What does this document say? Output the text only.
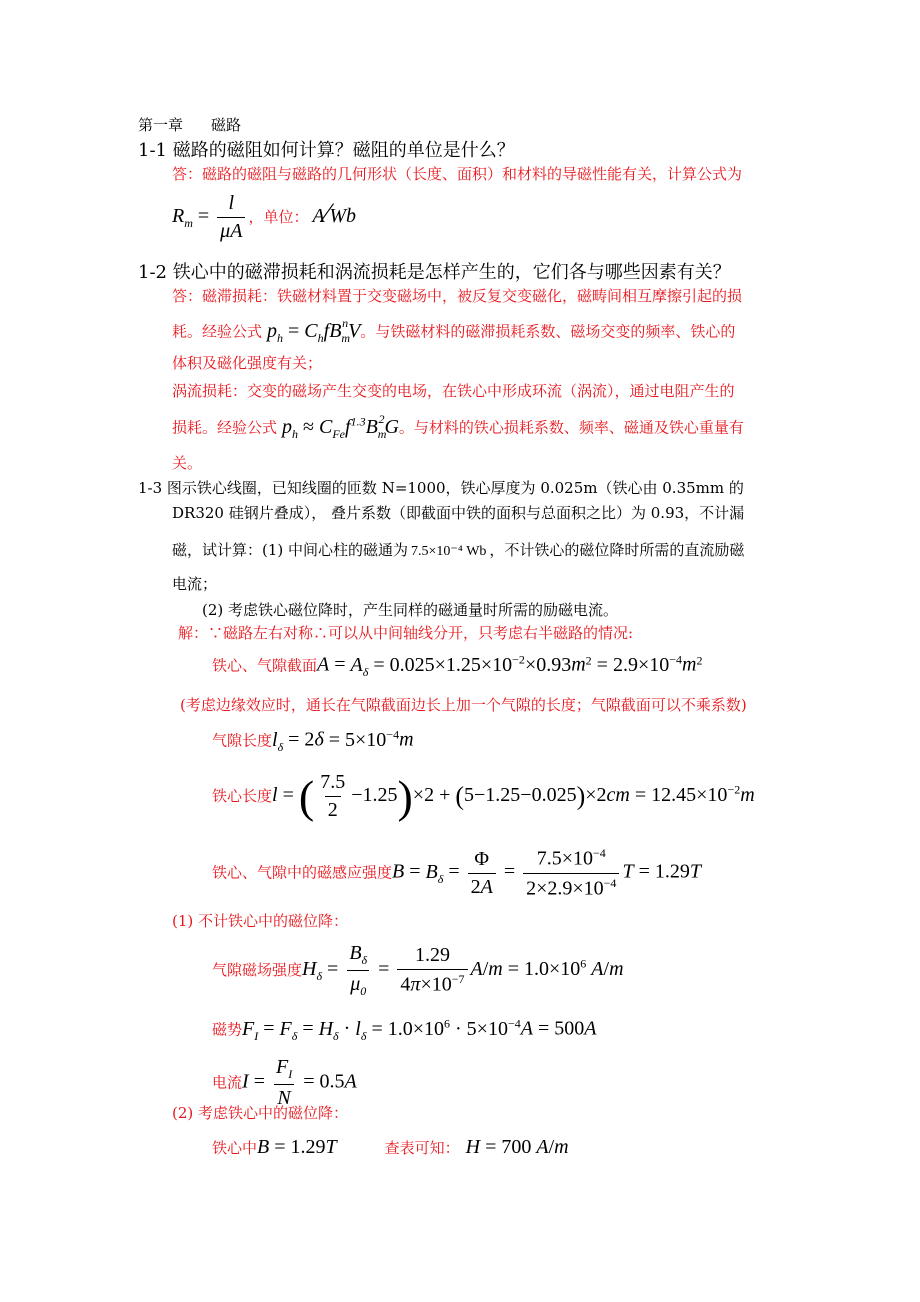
第一章 磁路
1-1 磁路的磁阻如何计算？磁阻的单位是什么？
答：磁路的磁阻与磁路的几何形状（长度、面积）和材料的导磁性能有关，计算公式为
$R_m = \frac{l}{\mu A}$ ，单位： A∕Wb
1-2 铁心中的磁滞损耗和涡流损耗是怎样产生的，它们各与哪些因素有关？
答：磁滞损耗：铁磁材料置于交变磁场中，被反复交变磁化，磁畴间相互摩擦引起的损
耗。经验公式 $p_h = C_hfB_m^nV$。与铁磁材料的磁滞损耗系数、磁场交变的频率、铁心的
体积及磁化强度有关；
涡流损耗：交变的磁场产生交变的电场，在铁心中形成环流（涡流），通过电阻产生的
损耗。经验公式 $p_h \approx C_{Fe}f^{1.3}B_m^2G$。与材料的铁心损耗系数、频率、磁通及铁心重量有
关。
1-3 图示铁心线圈，已知线圈的匝数 N=1000，铁心厚度为 0.025m（铁心由 0.35mm 的
DR320 硅钢片叠成）， 叠片系数（即截面中铁的面积与总面积之比）为 0.93，不计漏
磁，试计算：(1) 中间心柱的磁通为 7.5×10⁻⁴ Wb ，不计铁心的磁位降时所需的直流励磁
电流；
(2) 考虑铁心磁位降时，产生同样的磁通量时所需的励磁电流。
解：∵磁路左右对称∴可以从中间轴线分开，只考虑右半磁路的情况:
铁心、气隙截面$A = A_\delta = 0.025\times 1.25\times 10^{-2}\times 0.93m^2 = 2.9\times 10^{-4}m^2$
(考虑边缘效应时，通长在气隙截面边长上加一个气隙的长度；气隙截面可以不乘系数)
气隙长度$l_\delta = 2\delta = 5\times 10^{-4}m$
铁心长度l = ( $\frac{7.5}{2} -1.25)\times 2 + (5-1.25-0.025)\times 2cm = 12.45\times 10^{-2}m$
铁心、气隙中的磁感应强度$B = B_\delta = \frac{\Phi}{2A} = \frac{7.5\times 10^{-4}}{2\times 2.9\times 10^{-4}}$ T = 1.29T
(1) 不计铁心中的磁位降：
气隙磁场强度$H_\delta = \frac{B_\delta}{\mu_0} = \frac{1.29}{4\pi\times 10^{-7}} A/m = 1.0\times 10^6$ A/m
磁势$F_I = F_\delta = H_\delta \cdot l_\delta = 1.0\times 10^6 \cdot 5\times 10^{-4}A = 500A$
电流$I = \frac{F_I}{N} = 0.5A$
(2) 考虑铁心中的磁位降：
铁心中B = 1.29T	查表可知： H = 700 A/m
